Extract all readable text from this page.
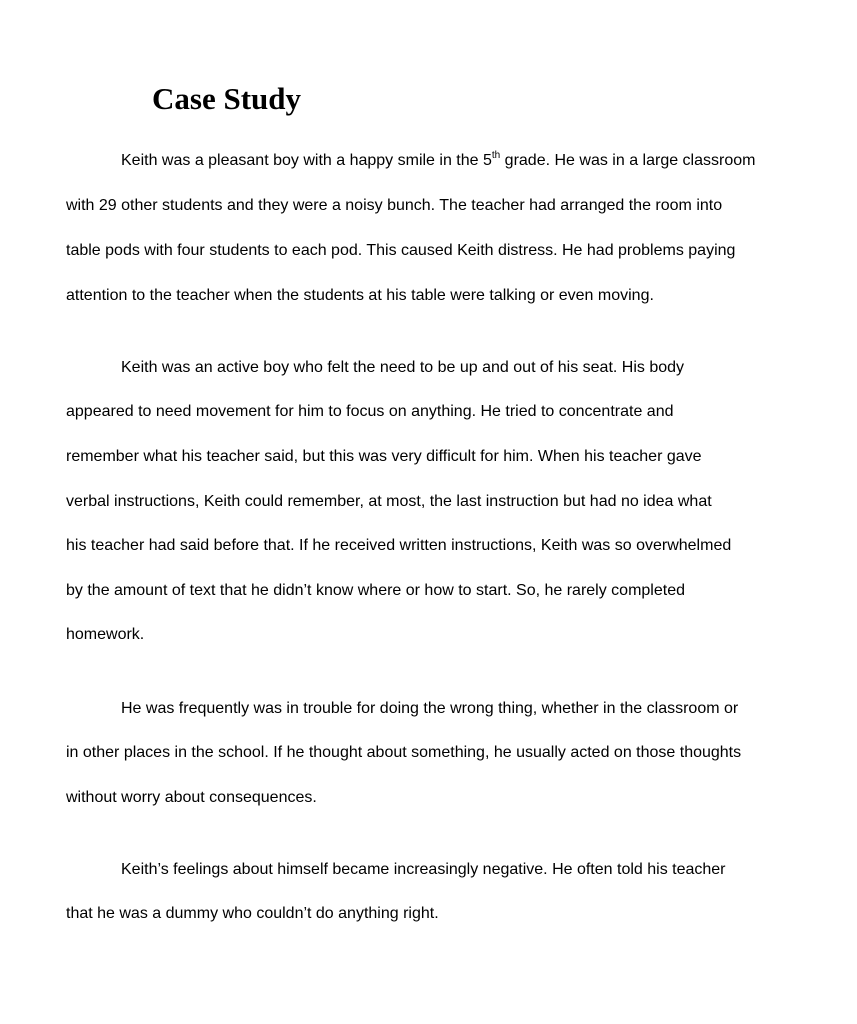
Case Study

Keith was a pleasant boy with a happy smile in the 5th grade. He was in a large classroom

with 29 other students and they were a noisy bunch. The teacher had arranged the room into

table pods with four students to each pod. This caused Keith distress. He had problems paying

attention to the teacher when the students at his table were talking or even moving.

Keith was an active boy who felt the need to be up and out of his seat. His body

appeared to need movement for him to focus on anything. He tried to concentrate and

remember what his teacher said, but this was very difficult for him. When his teacher gave

verbal instructions, Keith could remember, at most, the last instruction but had no idea what

his teacher had said before that. If he received written instructions, Keith was so overwhelmed

by the amount of text that he didn’t know where or how to start. So, he rarely completed

homework.

He was frequently was in trouble for doing the wrong thing, whether in the classroom or

in other places in the school. If he thought about something, he usually acted on those thoughts

without worry about consequences.

Keith’s feelings about himself became increasingly negative. He often told his teacher

that he was a dummy who couldn’t do anything right.
